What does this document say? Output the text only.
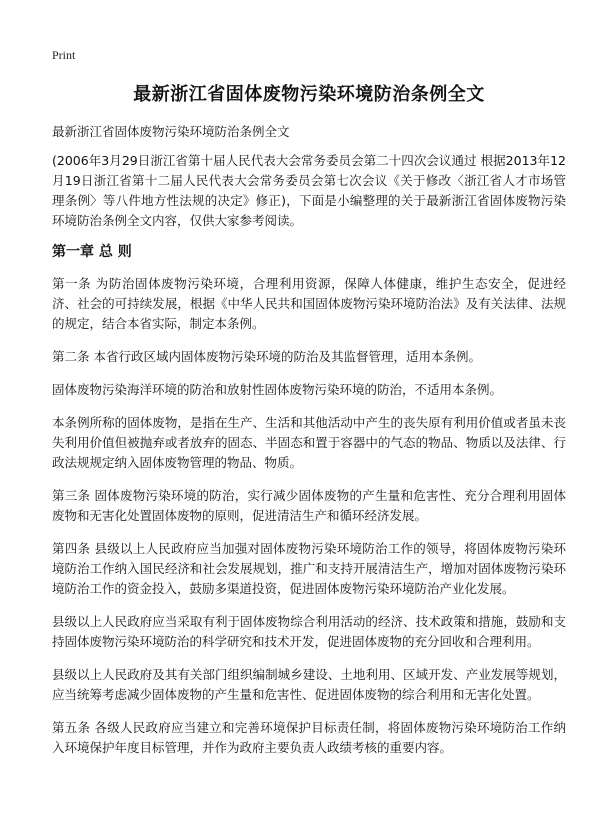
Print
最新浙江省固体废物污染环境防治条例全文

最新浙江省固体废物污染环境防治条例全文

(2006年3月29日浙江省第十届人民代表大会常务委员会第二十四次会议通过 根据2013年12月19日浙江省第十二届人民代表大会常务委员会第七次会议《关于修改〈浙江省人才市场管理条例〉等八件地方性法规的决定》修正)，下面是小编整理的关于最新浙江省固体废物污染环境防治条例全文内容，仅供大家参考阅读。

第一章 总 则

第一条 为防治固体废物污染环境，合理利用资源，保障人体健康，维护生态安全，促进经济、社会的可持续发展，根据《中华人民共和国固体废物污染环境防治法》及有关法律、法规的规定，结合本省实际，制定本条例。

第二条 本省行政区域内固体废物污染环境的防治及其监督管理，适用本条例。

固体废物污染海洋环境的防治和放射性固体废物污染环境的防治，不适用本条例。

本条例所称的固体废物，是指在生产、生活和其他活动中产生的丧失原有利用价值或者虽未丧失利用价值但被抛弃或者放弃的固态、半固态和置于容器中的气态的物品、物质以及法律、行政法规规定纳入固体废物管理的物品、物质。

第三条 固体废物污染环境的防治，实行减少固体废物的产生量和危害性、充分合理利用固体废物和无害化处置固体废物的原则，促进清洁生产和循环经济发展。

第四条 县级以上人民政府应当加强对固体废物污染环境防治工作的领导，将固体废物污染环境防治工作纳入国民经济和社会发展规划，推广和支持开展清洁生产，增加对固体废物污染环境防治工作的资金投入，鼓励多渠道投资，促进固体废物污染环境防治产业化发展。

县级以上人民政府应当采取有利于固体废物综合利用活动的经济、技术政策和措施，鼓励和支持固体废物污染环境防治的科学研究和技术开发，促进固体废物的充分回收和合理利用。

县级以上人民政府及其有关部门组织编制城乡建设、土地利用、区域开发、产业发展等规划，应当统筹考虑减少固体废物的产生量和危害性、促进固体废物的综合利用和无害化处置。

第五条 各级人民政府应当建立和完善环境保护目标责任制，将固体废物污染环境防治工作纳入环境保护年度目标管理，并作为政府主要负责人政绩考核的重要内容。
